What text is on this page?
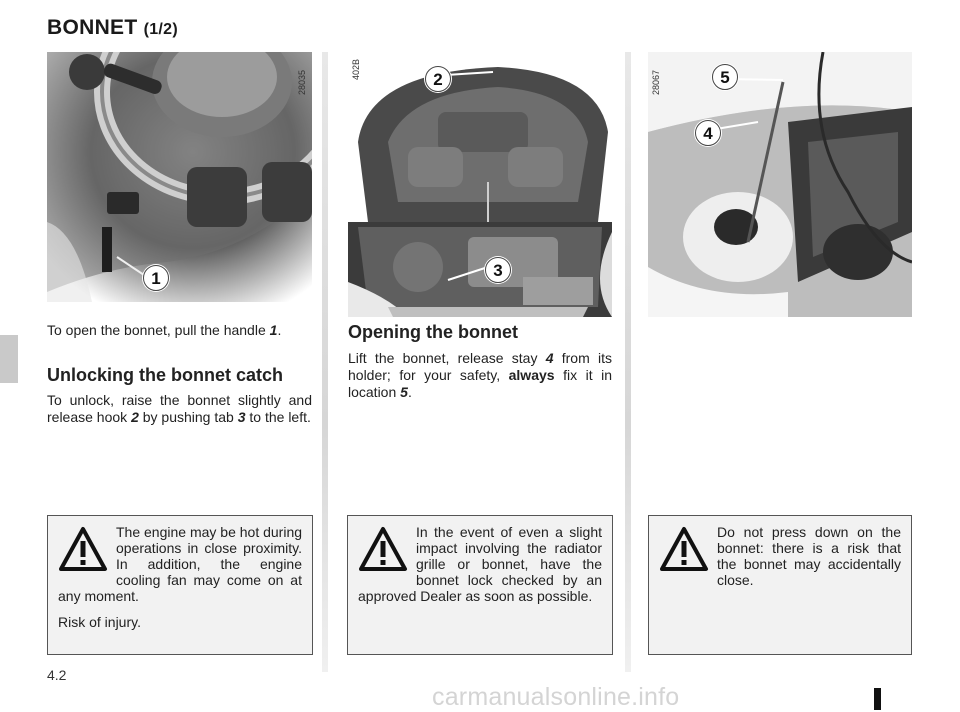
BONNET (1/2)
28035
1
402B	2
3
28067	5
4

To open the bonnet, pull the handle 1.

Unlocking the bonnet catch

To unlock, raise the bonnet slightly and release hook 2 by pushing tab 3 to the left.

Opening the bonnet

Lift the bonnet, release stay 4 from its holder; for your safety, always fix it in location 5.

The engine may be hot during operations in close proximity. In addition, the engine cooling fan may come on at any moment.

Risk of injury.

In the event of even a slight impact involving the radiator grille or bonnet, have the bonnet lock checked by an approved Dealer as soon as possible.

Do not press down on the bonnet: there is a risk that the bonnet may accidentally close.

4.2
carmanualsonline.info
